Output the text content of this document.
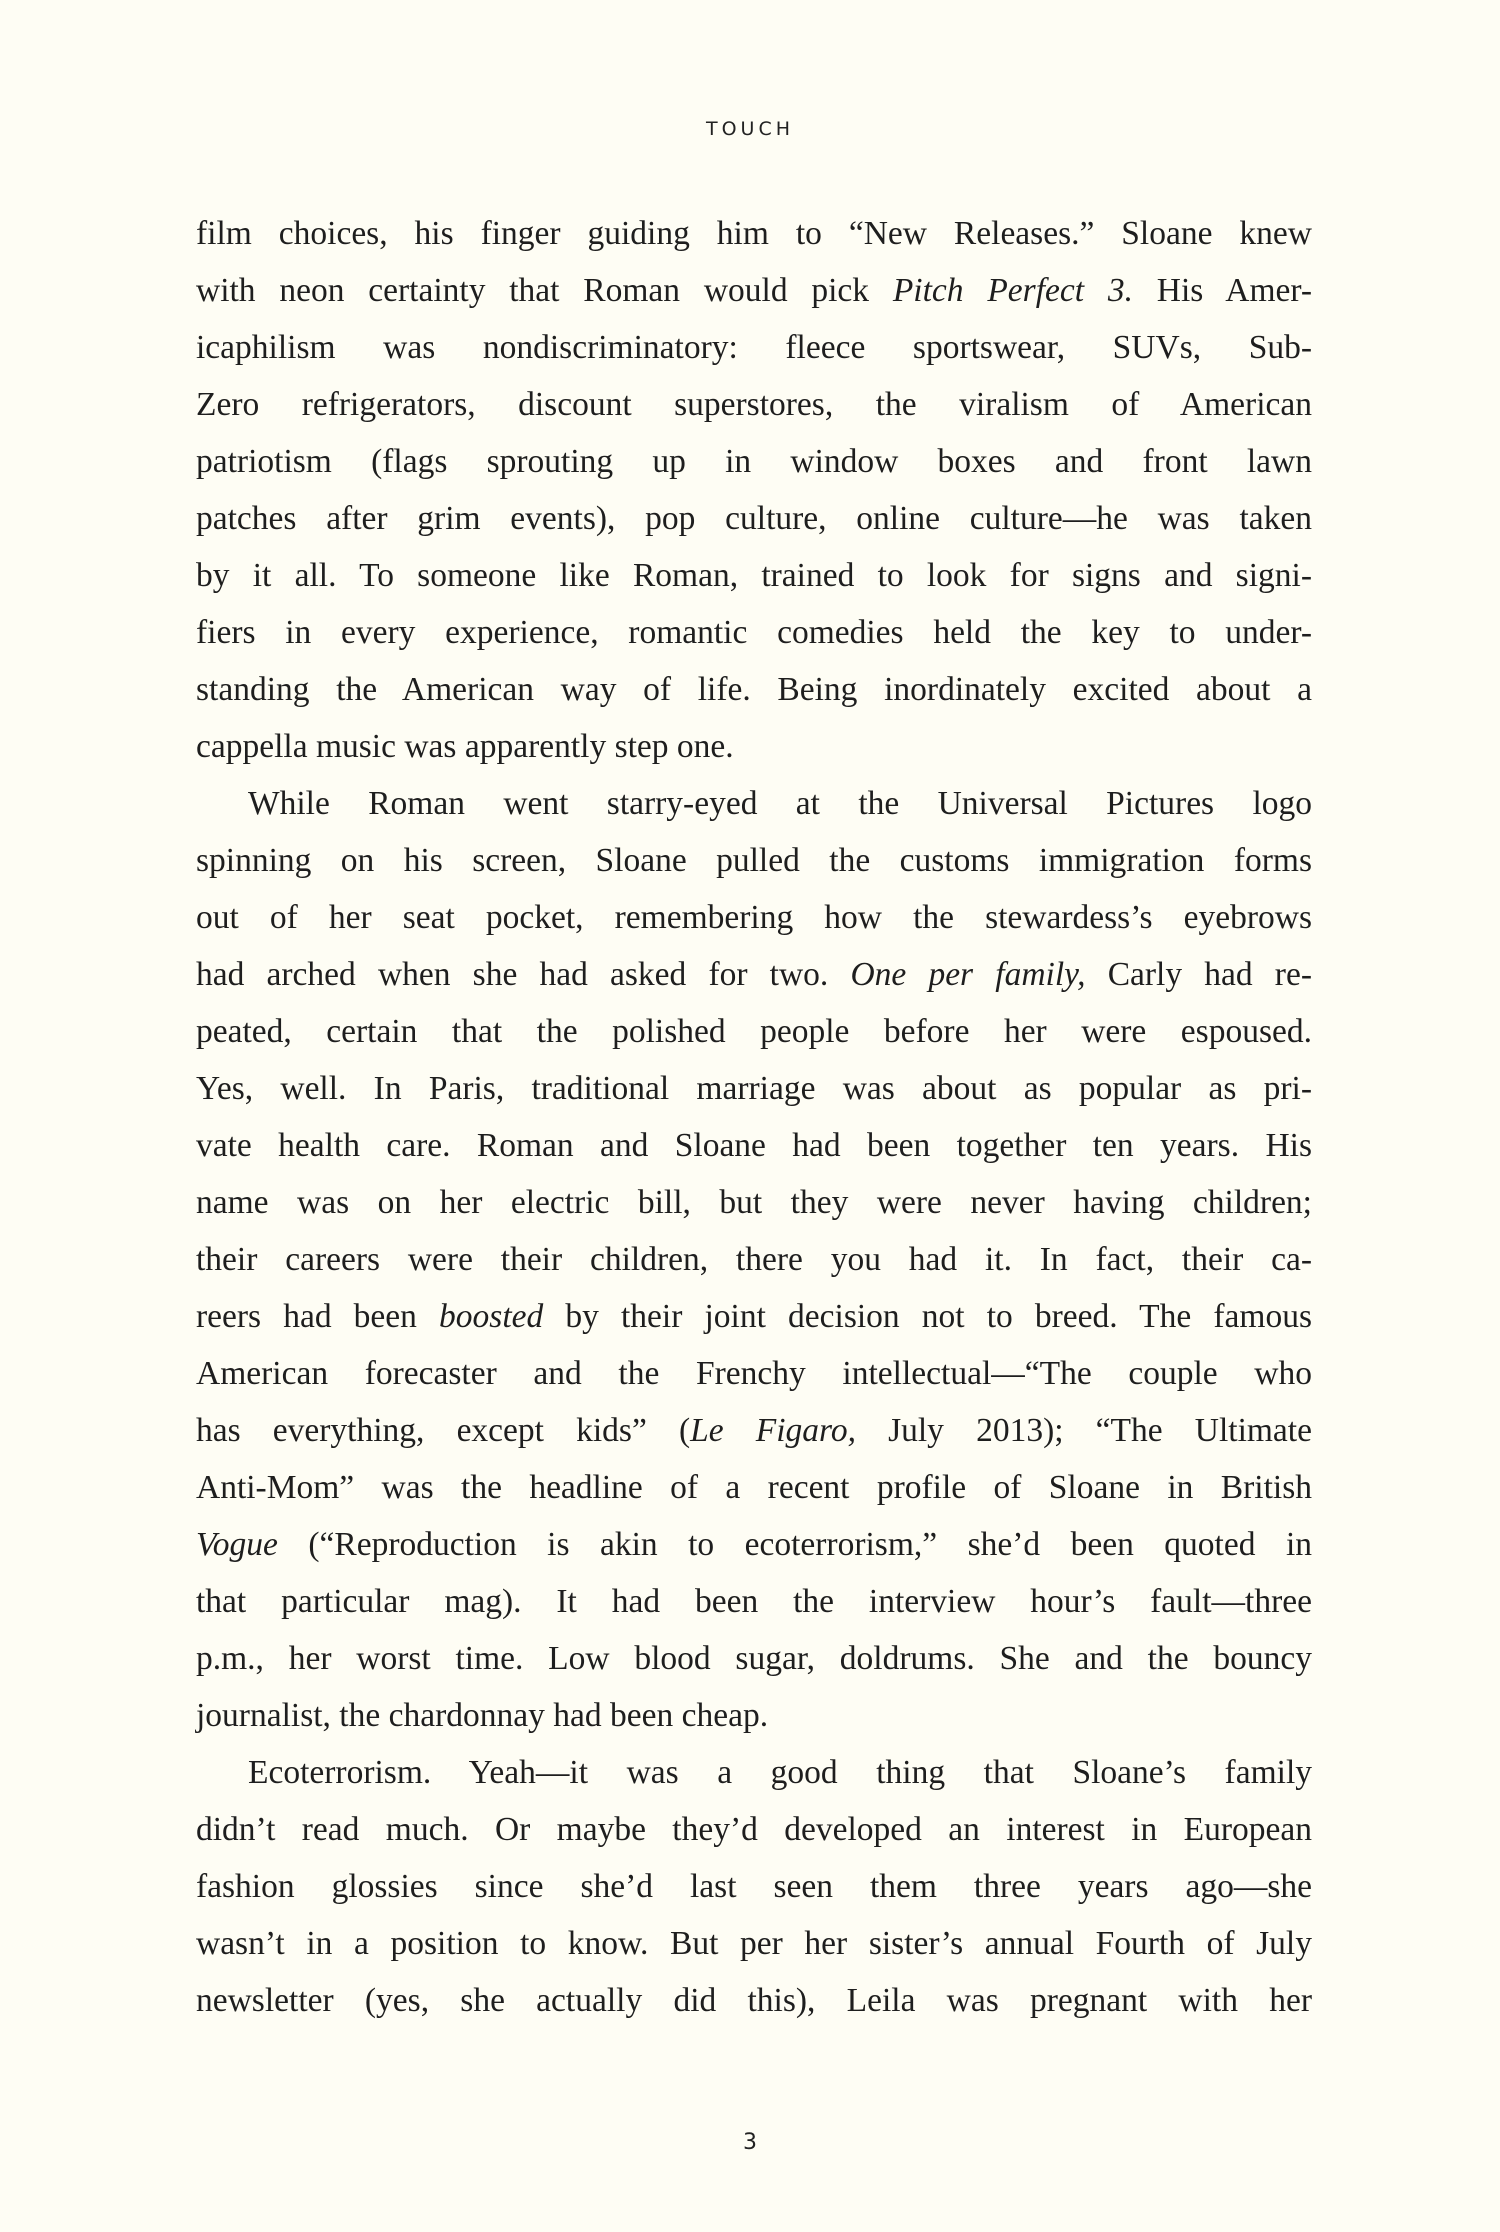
TOUCH
film choices, his finger guiding him to “New Releases.” Sloane knew
with neon certainty that Roman would pick Pitch Perfect 3. His Amer-
icaphilism was nondiscriminatory: fleece sportswear, SUVs, Sub-
Zero refrigerators, discount superstores, the viralism of American
patriotism (flags sprouting up in window boxes and front lawn
patches after grim events), pop culture, online culture—he was taken
by it all. To someone like Roman, trained to look for signs and signi-
fiers in every experience, romantic comedies held the key to under-
standing the American way of life. Being inordinately excited about a
cappella music was apparently step one.
While Roman went starry-eyed at the Universal Pictures logo
spinning on his screen, Sloane pulled the customs immigration forms
out of her seat pocket, remembering how the stewardess’s eyebrows
had arched when she had asked for two. One per family, Carly had re-
peated, certain that the polished people before her were espoused.
Yes, well. In Paris, traditional marriage was about as popular as pri-
vate health care. Roman and Sloane had been together ten years. His
name was on her electric bill, but they were never having children;
their careers were their children, there you had it. In fact, their ca-
reers had been boosted by their joint decision not to breed. The famous
American forecaster and the Frenchy intellectual—“The couple who
has everything, except kids” (Le Figaro, July 2013); “The Ultimate
Anti-Mom” was the headline of a recent profile of Sloane in British
Vogue (“Reproduction is akin to ecoterrorism,” she’d been quoted in
that particular mag). It had been the interview hour’s fault—three
p.m., her worst time. Low blood sugar, doldrums. She and the bouncy
journalist, the chardonnay had been cheap.
Ecoterrorism. Yeah—it was a good thing that Sloane’s family
didn’t read much. Or maybe they’d developed an interest in European
fashion glossies since she’d last seen them three years ago—she
wasn’t in a position to know. But per her sister’s annual Fourth of July
newsletter (yes, she actually did this), Leila was pregnant with her
3
